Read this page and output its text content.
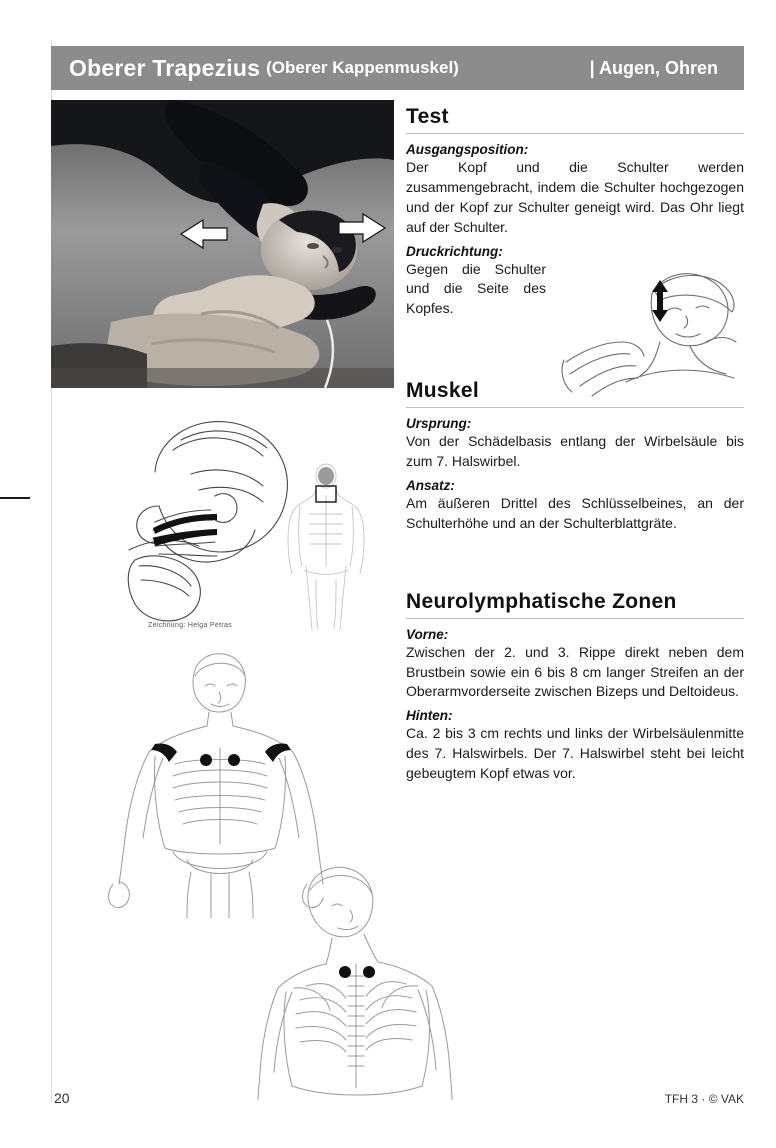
Oberer Trapezius (Oberer Kappenmuskel)	| Augen, Ohren
Zeichnung: Helga Petras
Test
Ausgangsposition:

Der Kopf und die Schulter werden zusammengebracht, indem die Schulter hochgezogen und der Kopf zur Schulter geneigt wird. Das Ohr liegt auf der Schulter.

Druckrichtung:

Gegen die Schulter und die Seite des Kopfes.

Muskel
Ursprung:

Von der Schädelbasis entlang der Wirbelsäule bis zum 7. Halswirbel.

Ansatz:

Am äußeren Drittel des Schlüsselbeines, an der Schulterhöhe und an der Schulterblattgräte.

Neurolymphatische Zonen
Vorne:

Zwischen der 2. und 3. Rippe direkt neben dem Brustbein sowie ein 6 bis 8 cm langer Streifen an der Oberarmvorderseite zwischen Bizeps und Deltoideus.

Hinten:

Ca. 2 bis 3 cm rechts und links der Wirbelsäulenmitte des 7. Halswirbels. Der 7. Halswirbel steht bei leicht gebeugtem Kopf etwas vor.

20	TFH 3 · © VAK
